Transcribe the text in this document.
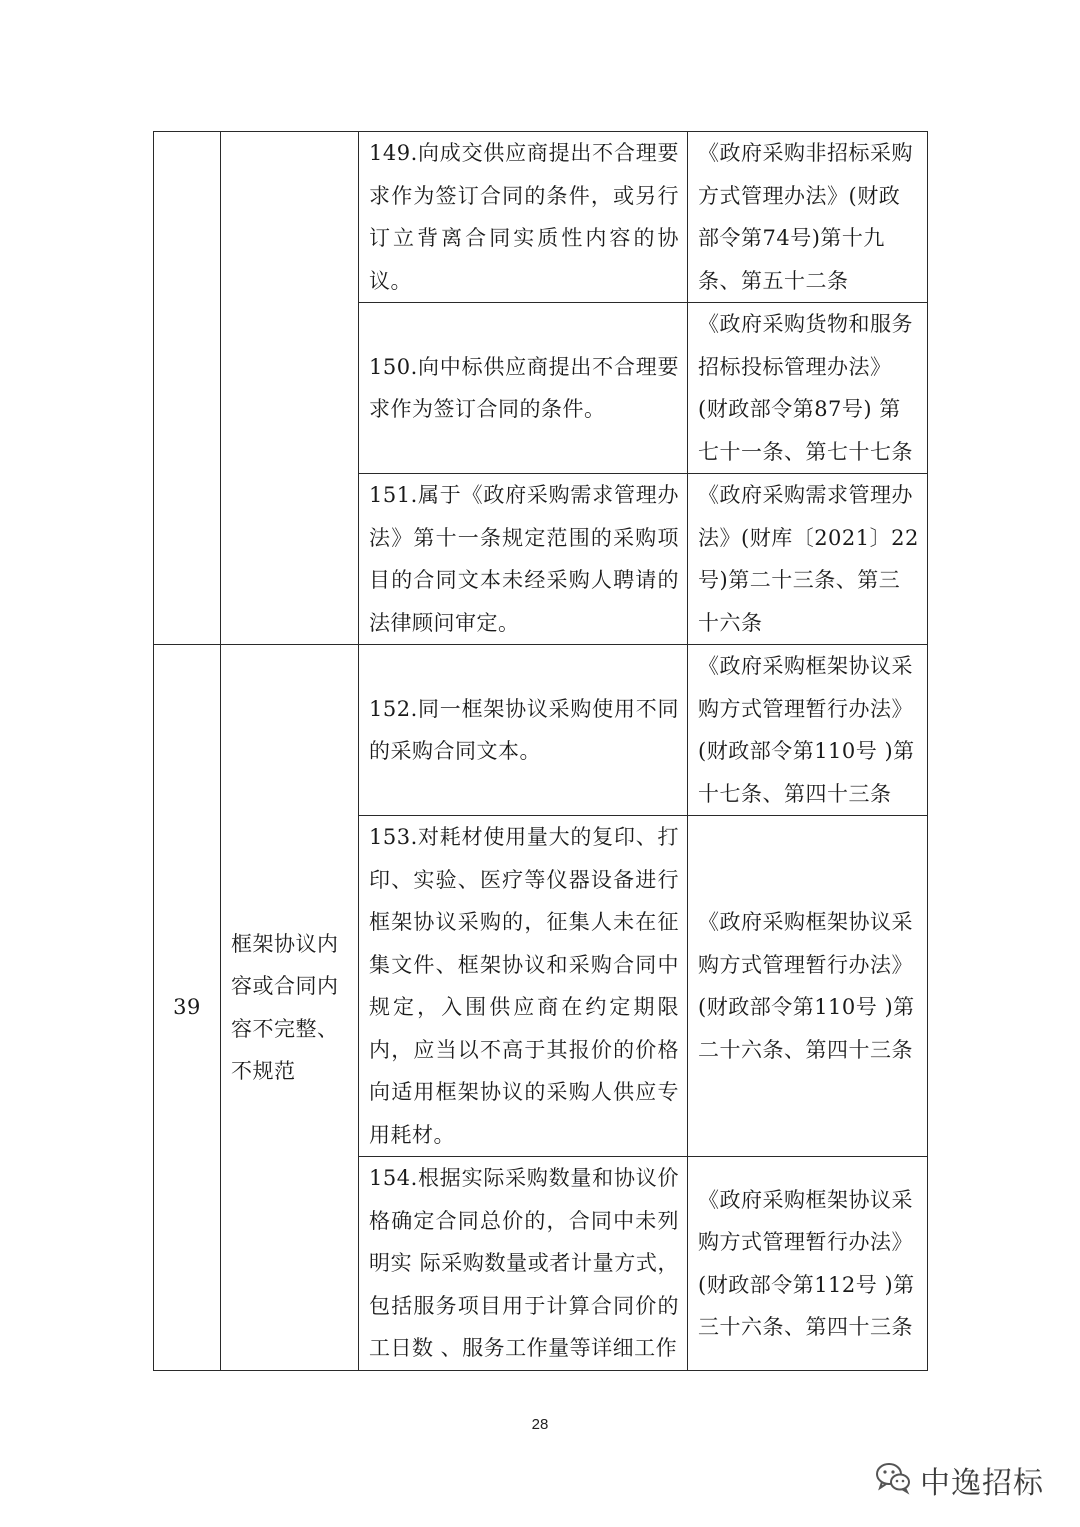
		149.向成交供应商提出不合理要求作为签订合同的条件，或另行订立背离合同实质性内容的协议。	《政府采购非招标采购方式管理办法》(财政部令第74号)第十九条、第五十二条
		150.向中标供应商提出不合理要求作为签订合同的条件。	《政府采购货物和服务招标投标管理办法》(财政部令第87号) 第七十一条、第七十七条
		151.属于《政府采购需求管理办法》第十一条规定范围的采购项目的合同文本未经采购人聘请的法律顾问审定。	《政府采购需求管理办法》(财库〔2021〕22号)第二十三条、第三十六条
39	框架协议内容或合同内容不完整、不规范	152.同一框架协议采购使用不同的采购合同文本。	《政府采购框架协议采购方式管理暂行办法》(财政部令第110号 )第十七条、第四十三条
		153.对耗材使用量大的复印、打印、实验、医疗等仪器设备进行框架协议采购的，征集人未在征集文件、框架协议和采购合同中规定，入围供应商在约定期限内，应当以不高于其报价的价格向适用框架协议的采购人供应专用耗材。	《政府采购框架协议采购方式管理暂行办法》(财政部令第110号 )第二十六条、第四十三条
		154.根据实际采购数量和协议价格确定合同总价的，合同中未列明实 际采购数量或者计量方式，包括服务项目用于计算合同价的工日数 、服务工作量等详细工作	《政府采购框架协议采购方式管理暂行办法》(财政部令第112号 )第三十六条、第四十三条
28
中逸招标
